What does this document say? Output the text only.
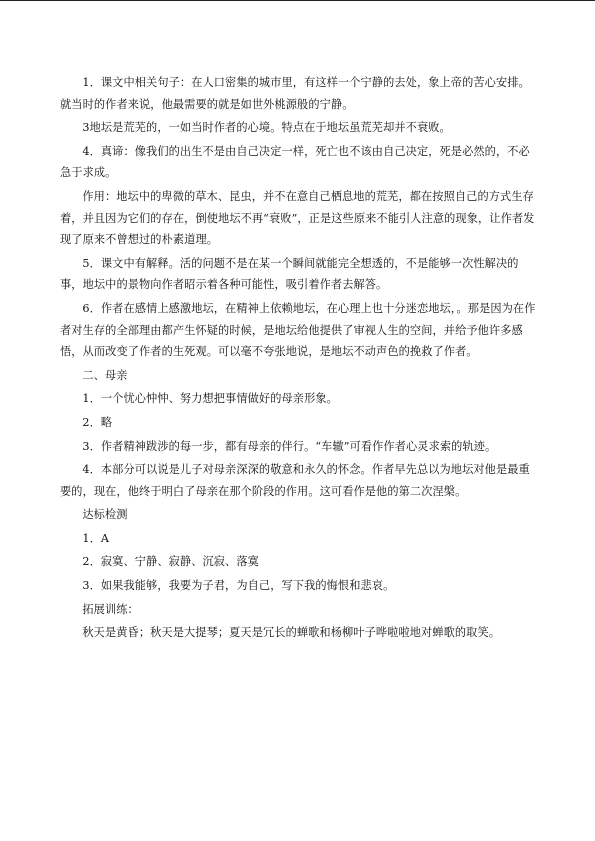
1．课文中相关句子：在人口密集的城市里，有这样一个宁静的去处，象上帝的苦心安排。就当时的作者来说，他最需要的就是如世外桃源般的宁静。

3地坛是荒芜的，一如当时作者的心境。特点在于地坛虽荒芜却并不衰败。

4．真谛：像我们的出生不是由自己决定一样，死亡也不该由自己决定，死是必然的，不必急于求成。

作用：地坛中的卑微的草木、昆虫，并不在意自己栖息地的荒芜，都在按照自己的方式生存着，并且因为它们的存在，倒使地坛不再“衰败”，正是这些原来不能引人注意的现象，让作者发现了原来不曾想过的朴素道理。

5．课文中有解释。活的问题不是在某一个瞬间就能完全想透的，不是能够一次性解决的事，地坛中的景物向作者昭示着各种可能性，吸引着作者去解答。

6．作者在感情上感激地坛，在精神上依赖地坛，在心理上也十分迷恋地坛，。那是因为在作者对生存的全部理由都产生怀疑的时候，是地坛给他提供了审视人生的空间，并给予他许多感悟，从而改变了作者的生死观。可以毫不夸张地说，是地坛不动声色的挽救了作者。

二、母亲

1．一个忧心忡忡、努力想把事情做好的母亲形象。

2．略

3．作者精神跋涉的每一步，都有母亲的伴行。“车辙”可看作作者心灵求索的轨迹。

4．本部分可以说是儿子对母亲深深的敬意和永久的怀念。作者早先总以为地坛对他是最重要的，现在，他终于明白了母亲在那个阶段的作用。这可看作是他的第二次涅槃。

达标检测

1．A

2．寂寞、宁静、寂静、沉寂、落寞

3．如果我能够，我要为子君，为自己，写下我的悔恨和悲哀。

拓展训练：

秋天是黄昏；秋天是大提琴；夏天是冗长的蝉歌和杨柳叶子哗啦啦地对蝉歌的取笑。
